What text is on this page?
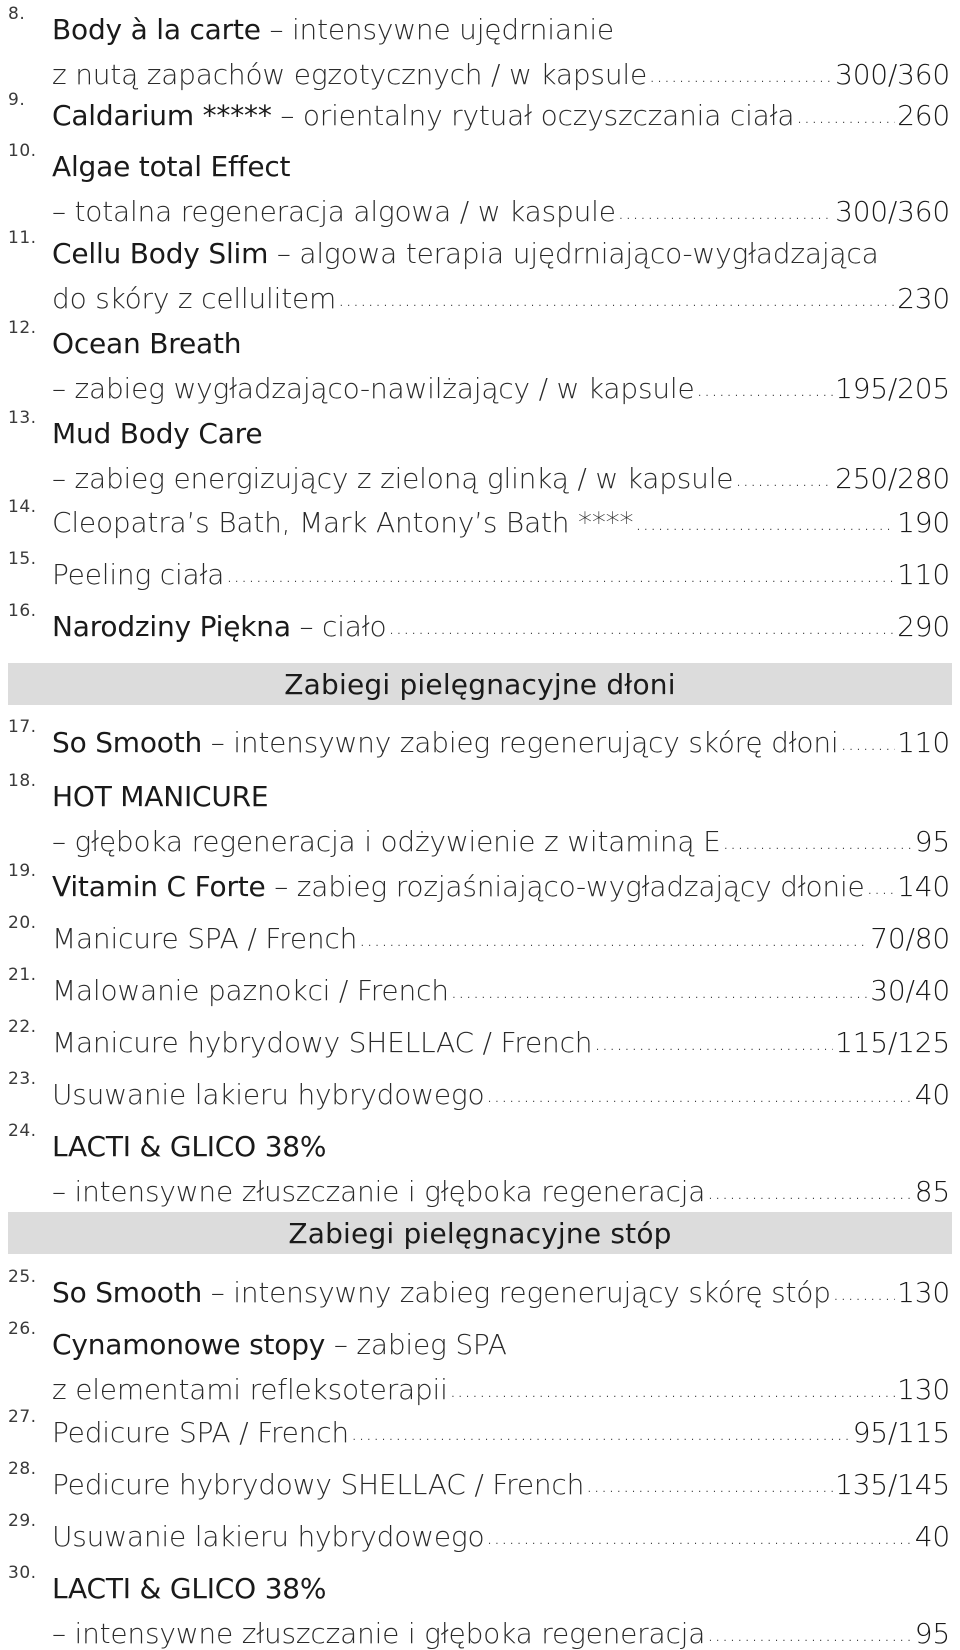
Zabiegi pielęgnacyjne dłoni
Zabiegi pielęgnacyjne stóp
8. Body à la carte – intensywne ujędrnianie
z nutą zapachów egzotycznych / w kapsule .....	300/360
9. Caldarium ***** – orientalny rytuał oczyszczania ciała .....	260
10. Algae total Effect
– totalna regeneracja algowa / w kaspule .....	300/360
11. Cellu Body Slim – algowa terapia ujędrniająco-wygładzająca
do skóry z cellulitem .....	230
12. Ocean Breath
– zabieg wygładzająco-nawilżający / w kapsule .....	195/205
13. Mud Body Care
– zabieg energizujący z zieloną glinką / w kapsule .....	250/280
14. Cleopatra’s Bath, Mark Antony’s Bath **** .....	190
15. Peeling ciała .....	110
16. Narodziny Piękna – ciało .....	290
17. So Smooth – intensywny zabieg regenerujący skórę dłoni ..... 110
18. HOT MANICURE
– głęboka regeneracja i odżywienie z witaminą E .....	95
19. Vitamin C Forte – zabieg rozjaśniająco-wygładzający dłonie ..... 140
20. Manicure SPA / French .....	70/80
21. Malowanie paznokci / French .....	30/40
22. Manicure hybrydowy SHELLAC / French .....	115/125
23. Usuwanie lakieru hybrydowego .....	40
24. LACTI & GLICO 38%
– intensywne złuszczanie i głęboka regeneracja .....	85
25. So Smooth – intensywny zabieg regenerujący skórę stóp ..... 130
26. Cynamonowe stopy – zabieg SPA
z elementami refleksoterapii .....	130
27. Pedicure SPA / French .....	95/115
28. Pedicure hybrydowy SHELLAC / French .....	135/145
29. Usuwanie lakieru hybrydowego .....	40
30. LACTI & GLICO 38%
– intensywne złuszczanie i głęboka regeneracja .....	95
